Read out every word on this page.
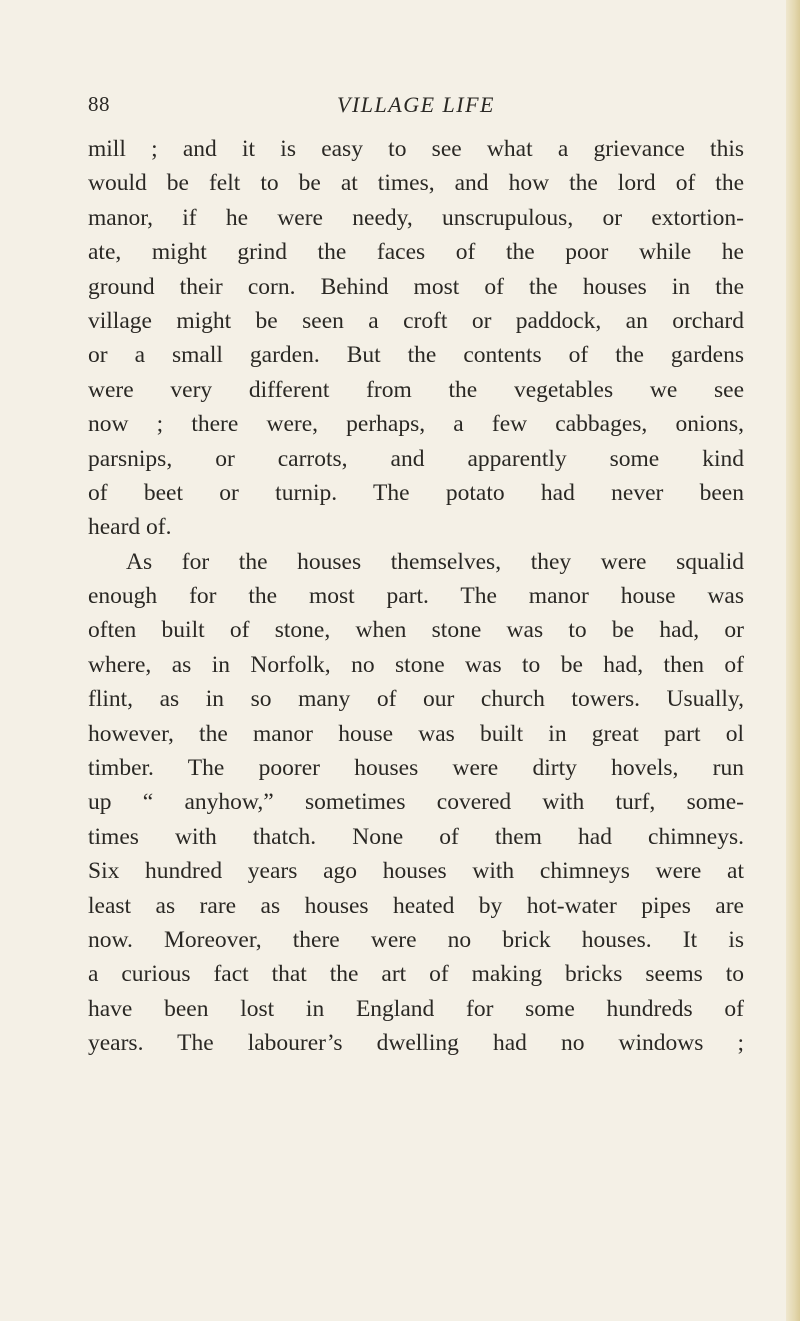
88	VILLAGE LIFE
mill ; and it is easy to see what a grievance this
would be felt to be at times, and how the lord of the
manor, if he were needy, unscrupulous, or extortion-
ate, might grind the faces of the poor while he
ground their corn. Behind most of the houses in the
village might be seen a croft or paddock, an orchard
or a small garden. But the contents of the gardens
were very different from the vegetables we see
now ; there were, perhaps, a few cabbages, onions,
parsnips, or carrots, and apparently some kind
of beet or turnip. The potato had never been
heard of.
As for the houses themselves, they were squalid
enough for the most part. The manor house was
often built of stone, when stone was to be had, or
where, as in Norfolk, no stone was to be had, then of
flint, as in so many of our church towers. Usually,
however, the manor house was built in great part ol
timber. The poorer houses were dirty hovels, run
up “ anyhow,” sometimes covered with turf, some-
times with thatch. None of them had chimneys.
Six hundred years ago houses with chimneys were at
least as rare as houses heated by hot-water pipes are
now. Moreover, there were no brick houses. It is
a curious fact that the art of making bricks seems to
have been lost in England for some hundreds of
years. The labourer’s dwelling had no windows ;
